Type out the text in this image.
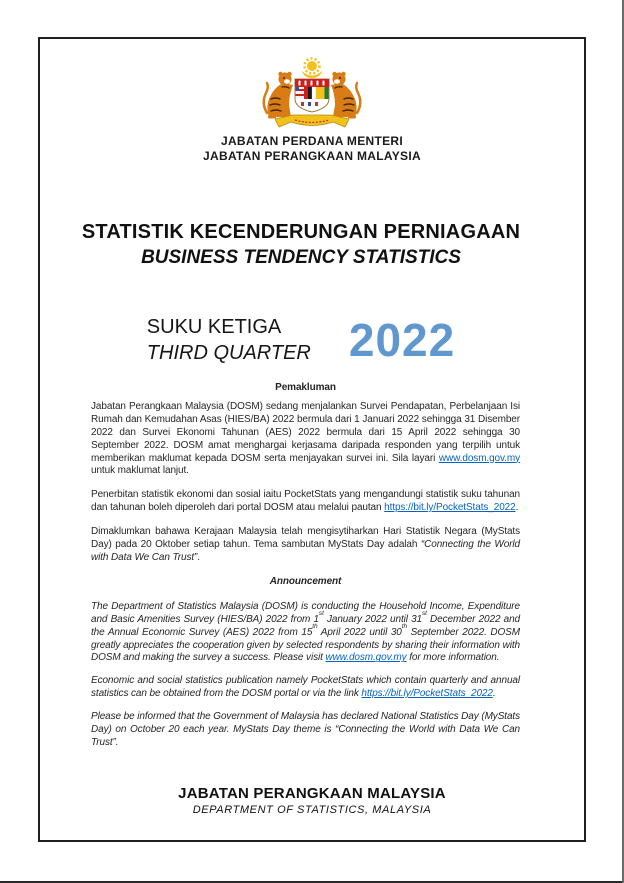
JABATAN PERDANA MENTERI
JABATAN PERANGKAAN MALAYSIA
STATISTIK KECENDERUNGAN PERNIAGAAN
BUSINESS TENDENCY STATISTICS
SUKU KETIGA
THIRD QUARTER 2022
Pemakluman

Jabatan Perangkaan Malaysia (DOSM) sedang menjalankan Survei Pendapatan, Perbelanjaan Isi Rumah dan Kemudahan Asas (HIES/BA) 2022 bermula dari 1 Januari 2022 sehingga 31 Disember 2022 dan Survei Ekonomi Tahunan (AES) 2022 bermula dari 15 April 2022 sehingga 30 September 2022. DOSM amat menghargai kerjasama daripada responden yang terpilih untuk memberikan maklumat kepada DOSM serta menjayakan survei ini. Sila layari www.dosm.gov.my untuk maklumat lanjut.

Penerbitan statistik ekonomi dan sosial iaitu PocketStats yang mengandungi statistik suku tahunan dan tahunan boleh diperoleh dari portal DOSM atau melalui pautan https://bit.ly/PocketStats_2022.

Dimaklumkan bahawa Kerajaan Malaysia telah mengisytiharkan Hari Statistik Negara (MyStats Day) pada 20 Oktober setiap tahun. Tema sambutan MyStats Day adalah “Connecting the World with Data We Can Trust”.

Announcement

The Department of Statistics Malaysia (DOSM) is conducting the Household Income, Expenditure and Basic Amenities Survey (HIES/BA) 2022 from 1st January 2022 until 31st December 2022 and the Annual Economic Survey (AES) 2022 from 15th April 2022 until 30th September 2022. DOSM greatly appreciates the cooperation given by selected respondents by sharing their information with DOSM and making the survey a success. Please visit www.dosm.gov.my for more information.

Economic and social statistics publication namely PocketStats which contain quarterly and annual statistics can be obtained from the DOSM portal or via the link https://bit.ly/PocketStats_2022.

Please be informed that the Government of Malaysia has declared National Statistics Day (MyStats Day) on October 20 each year. MyStats Day theme is “Connecting the World with Data We Can Trust”.

JABATAN PERANGKAAN MALAYSIA
DEPARTMENT OF STATISTICS, MALAYSIA
